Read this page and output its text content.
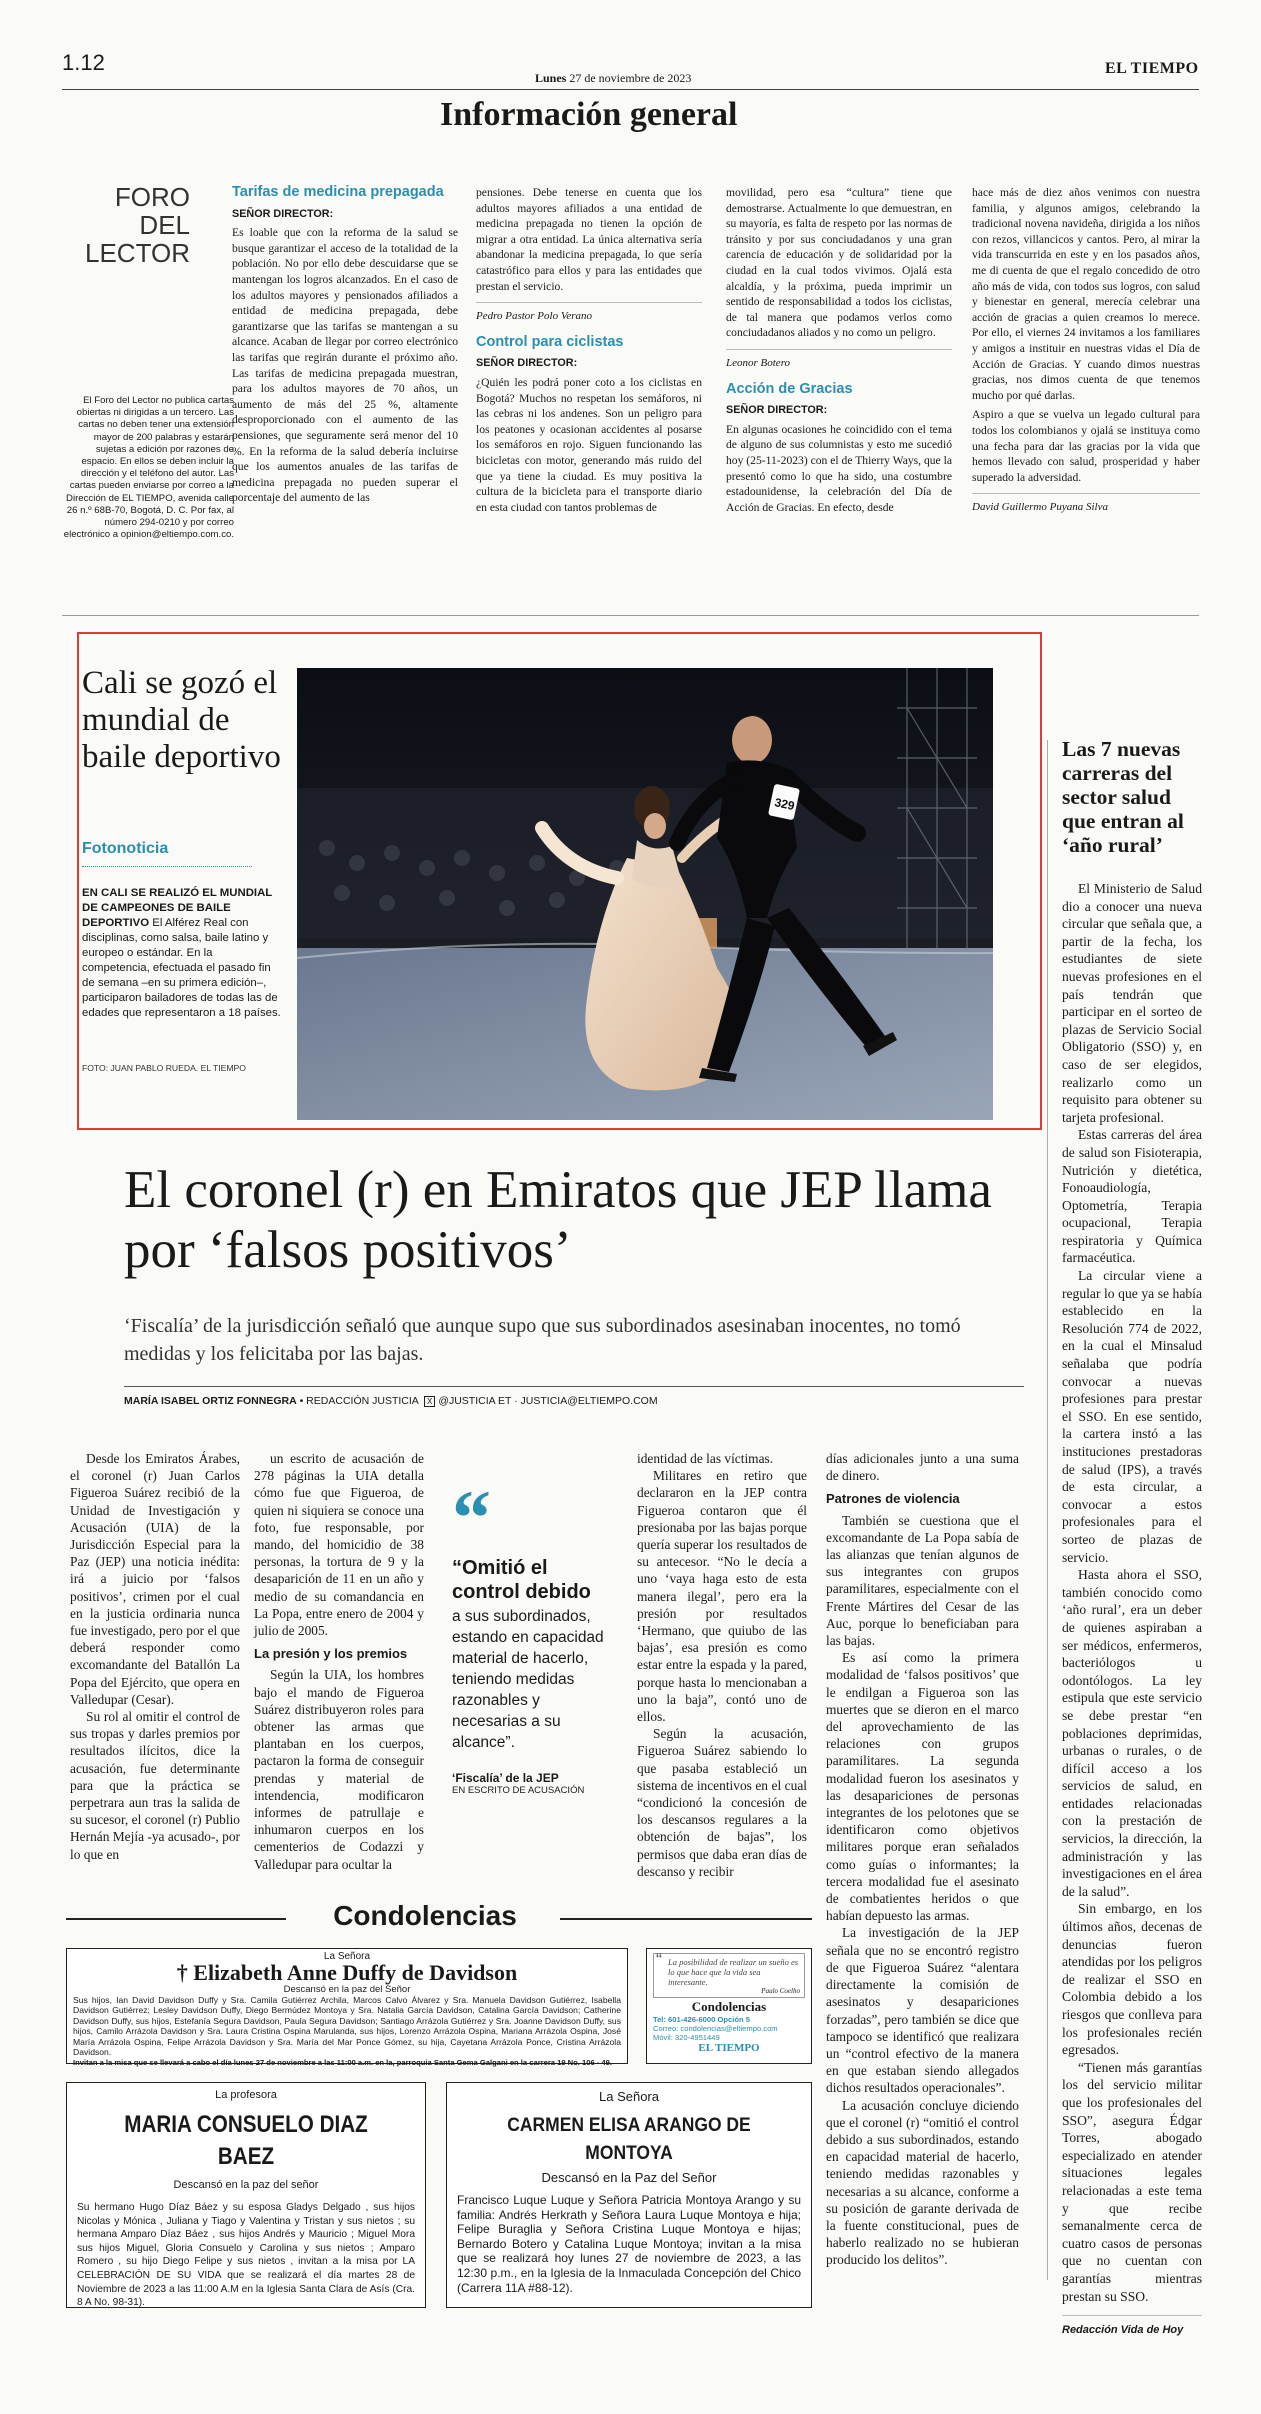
1.12
Lunes 27 de noviembre de 2023
EL TIEMPO
Información general
FORO DEL LECTOR
El Foro del Lector no publica cartas obiertas ni dirigidas a un tercero. Las cartas no deben tener una extensión mayor de 200 palabras y estarán sujetas a edición por razones de espacio. En ellos se deben incluir la dirección y el teléfono del autor. Las cartas pueden enviarse por correo a la Dirección de EL TIEMPO, avenida calle 26 n.º 68B-70, Bogotá, D. C. Por fax, al número 294-0210 y por correo electrónico a opinion@eltiempo.com.co.
Tarifas de medicina prepagada
SEÑOR DIRECTOR:

Es loable que con la reforma de la salud se busque garantizar el acceso de la totalidad de la población. No por ello debe descuidarse que se mantengan los logros alcanzados. En el caso de los adultos mayores y pensionados afiliados a entidad de medicina prepagada, debe garantizarse que las tarifas se mantengan a su alcance. Acaban de llegar por correo electrónico las tarifas que regirán durante el próximo año. Las tarifas de medicina prepagada muestran, para los adultos mayores de 70 años, un aumento de más del 25 %, altamente desproporcionado con el aumento de las pensiones, que seguramente será menor del 10 %. En la reforma de la salud debería incluirse que los aumentos anuales de las tarifas de medicina prepagada no pueden superar el porcentaje del aumento de las

pensiones. Debe tenerse en cuenta que los adultos mayores afiliados a una entidad de medicina prepagada no tienen la opción de migrar a otra entidad. La única alternativa sería abandonar la medicina prepagada, lo que sería catastrófico para ellos y para las entidades que prestan el servicio.

Pedro Pastor Polo Verano
Control para ciclistas
SEÑOR DIRECTOR:

¿Quién les podrá poner coto a los ciclistas en Bogotá? Muchos no respetan los semáforos, ni las cebras ni los andenes. Son un peligro para los peatones y ocasionan accidentes al posarse los semáforos en rojo. Siguen funcionando las bicicletas con motor, generando más ruido del que ya tiene la ciudad. Es muy positiva la cultura de la bicicleta para el transporte diario en esta ciudad con tantos problemas de

movilidad, pero esa “cultura” tiene que demostrarse. Actualmente lo que demuestran, en su mayoría, es falta de respeto por las normas de tránsito y por sus conciudadanos y una gran carencia de educación y de solidaridad por la ciudad en la cual todos vivimos. Ojalá esta alcaldía, y la próxima, pueda imprimir un sentido de responsabilidad a todos los ciclistas, de tal manera que podamos verlos como conciudadanos aliados y no como un peligro.

Leonor Botero
Acción de Gracias
SEÑOR DIRECTOR:

En algunas ocasiones he coincidido con el tema de alguno de sus columnistas y esto me sucedió hoy (25-11-2023) con el de Thierry Ways, que la presentó como lo que ha sido, una costumbre estadounidense, la celebración del Día de Acción de Gracias. En efecto, desde

hace más de diez años venimos con nuestra familia, y algunos amigos, celebrando la tradicional novena navideña, dirigida a los niños con rezos, villancicos y cantos. Pero, al mirar la vida transcurrida en este y en los pasados años, me di cuenta de que el regalo concedido de otro año más de vida, con todos sus logros, con salud y bienestar en general, merecía celebrar una acción de gracias a quien creamos lo merece. Por ello, el viernes 24 invitamos a los familiares y amigos a instituir en nuestras vidas el Día de Acción de Gracias. Y cuando dimos nuestras gracias, nos dimos cuenta de que tenemos mucho por qué darlas.

Aspiro a que se vuelva un legado cultural para todos los colombianos y ojalá se instituya como una fecha para dar las gracias por la vida que hemos llevado con salud, prosperidad y haber superado la adversidad.

David Guillermo Puyana Silva
Cali se gozó el mundial de baile deportivo
Fotonoticia
EN CALI SE REALIZÓ EL MUNDIAL DE CAMPEONES DE BAILE DEPORTIVO El Alférez Real con disciplinas, como salsa, baile latino y europeo o estándar. En la competencia, efectuada el pasado fin de semana –en su primera edición–, participaron bailadores de todas las de edades que representaron a 18 países.
FOTO: JUAN PABLO RUEDA. EL TIEMPO
329
Las 7 nuevas carreras del sector salud que entran al ‘año rural’

El Ministerio de Salud dio a conocer una nueva circular que señala que, a partir de la fecha, los estudiantes de siete nuevas profesiones en el país tendrán que participar en el sorteo de plazas de Servicio Social Obligatorio (SSO) y, en caso de ser elegidos, realizarlo como un requisito para obtener su tarjeta profesional.

Estas carreras del área de salud son Fisioterapia, Nutrición y dietética, Fonoaudiología, Optometría, Terapia ocupacional, Terapia respiratoria y Química farmacéutica.

La circular viene a regular lo que ya se había establecido en la Resolución 774 de 2022, en la cual el Minsalud señalaba que podría convocar a nuevas profesiones para prestar el SSO. En ese sentido, la cartera instó a las instituciones prestadoras de salud (IPS), a través de esta circular, a convocar a estos profesionales para el sorteo de plazas de servicio.

Hasta ahora el SSO, también conocido como ‘año rural’, era un deber de quienes aspiraban a ser médicos, enfermeros, bacteriólogos u odontólogos. La ley estipula que este servicio se debe prestar “en poblaciones deprimidas, urbanas o rurales, o de difícil acceso a los servicios de salud, en entidades relacionadas con la prestación de servicios, la dirección, la administración y las investigaciones en el área de la salud”.

Sin embargo, en los últimos años, decenas de denuncias fueron atendidas por los peligros de realizar el SSO en Colombia debido a los riesgos que conlleva para los profesionales recién egresados.

“Tienen más garantías los del servicio militar que los profesionales del SSO”, asegura Édgar Torres, abogado especializado en atender situaciones legales relacionadas a este tema y que recibe semanalmente cerca de cuatro casos de personas que no cuentan con garantías mientras prestan su SSO.

Redacción Vida de Hoy
El coronel (r) en Emiratos que JEP llama por ‘falsos positivos’
‘Fiscalía’ de la jurisdicción señaló que aunque supo que sus subordinados asesinaban inocentes, no tomó medidas y los felicitaba por las bajas.
MARÍA ISABEL ORTIZ FONNEGRA • REDACCIÓN JUSTICIA X @JUSTICIA ET · JUSTICIA@ELTIEMPO.COM

Desde los Emiratos Árabes, el coronel (r) Juan Carlos Figueroa Suárez recibió de la Unidad de Investigación y Acusación (UIA) de la Jurisdicción Especial para la Paz (JEP) una noticia inédita: irá a juicio por ‘falsos positivos’, crimen por el cual en la justicia ordinaria nunca fue investigado, pero por el que deberá responder como excomandante del Batallón La Popa del Ejército, que opera en Valledupar (Cesar).

Su rol al omitir el control de sus tropas y darles premios por resultados ilícitos, dice la acusación, fue determinante para que la práctica se perpetrara aun tras la salida de su sucesor, el coronel (r) Publio Hernán Mejía -ya acusado-, por lo que en

un escrito de acusación de 278 páginas la UIA detalla cómo fue que Figueroa, de quien ni siquiera se conoce una foto, fue responsable, por mando, del homicidio de 38 personas, la tortura de 9 y la desaparición de 11 en un año y medio de su comandancia en La Popa, entre enero de 2004 y julio de 2005.

La presión y los premios

Según la UIA, los hombres bajo el mando de Figueroa Suárez distribuyeron roles para obtener las armas que plantaban en los cuerpos, pactaron la forma de conseguir prendas y material de intendencia, modificaron informes de patrullaje e inhumaron cuerpos en los cementerios de Codazzi y Valledupar para ocultar la

“
“Omitió el control debido
a sus subordinados, estando en capacidad material de hacerlo, teniendo medidas razonables y necesarias a su alcance”.
‘Fiscalía’ de la JEP
EN ESCRITO DE ACUSACIÓN

identidad de las víctimas.

Militares en retiro que declararon en la JEP contra Figueroa contaron que él presionaba por las bajas porque quería superar los resultados de su antecesor. “No le decía a uno ‘vaya haga esto de esta manera ilegal’, pero era la presión por resultados ‘Hermano, que quiubo de las bajas’, esa presión es como estar entre la espada y la pared, porque hasta lo mencionaban a uno la baja”, contó uno de ellos.

Según la acusación, Figueroa Suárez sabiendo lo que pasaba estableció un sistema de incentivos en el cual “condicionó la concesión de los descansos regulares a la obtención de bajas”, los permisos que daba eran días de descanso y recibir

días adicionales junto a una suma de dinero.

Patrones de violencia

También se cuestiona que el excomandante de La Popa sabía de las alianzas que tenían algunos de sus integrantes con grupos paramilitares, especialmente con el Frente Mártires del Cesar de las Auc, porque lo beneficiaban para las bajas.

Es así como la primera modalidad de ‘falsos positivos’ que le endilgan a Figueroa son las muertes que se dieron en el marco del aprovechamiento de las relaciones con grupos paramilitares. La segunda modalidad fueron los asesinatos y las desapariciones de personas integrantes de los pelotones que se identificaron como objetivos militares porque eran señalados como guías o informantes; la tercera modalidad fue el asesinato de combatientes heridos o que habían depuesto las armas.

La investigación de la JEP señala que no se encontró registro de que Figueroa Suárez “alentara directamente la comisión de asesinatos y desapariciones forzadas”, pero también se dice que tampoco se identificó que realizara un “control efectivo de la manera en que estaban siendo allegados dichos resultados operacionales”.

La acusación concluye diciendo que el coronel (r) “omitió el control debido a sus subordinados, estando en capacidad material de hacerlo, teniendo medidas razonables y necesarias a su alcance, conforme a su posición de garante derivada de la fuente constitucional, pues de haberlo realizado no se hubieran producido los delitos”.

Condolencias
La Señora
† Elizabeth Anne Duffy de Davidson
Descansó en la paz del Señor
Sus hijos, Ian David Davidson Duffy y Sra. Camila Gutiérrez Archila, Marcos Calvo Álvarez y Sra. Manuela Davidson Gutiérrez, Isabella Davidson Gutiérrez; Lesley Davidson Duffy, Diego Bermúdez Montoya y Sra. Natalia García Davidson, Catalina García Davidson; Catherine Davidson Duffy, sus hijos, Estefanía Segura Davidson, Paula Segura Davidson; Santiago Arrázola Gutiérrez y Sra. Joanne Davidson Duffy, sus hijos, Camilo Arrázola Davidson y Sra. Laura Cristina Ospina Marulanda, sus hijos, Lorenzo Arrázola Ospina, Mariana Arrázola Ospina, José María Arrázola Ospina, Felipe Arrázola Davidson y Sra. María del Mar Ponce Gómez, su hija, Cayetana Arrázola Ponce, Cristina Arrázola Davidson.
Invitan a la misa que se llevará a cabo el día lunes 27 de noviembre a las 11:00 a.m. en la, parroquia Santa Gema Galgani en la carrera 19 No. 106 - 49.
“ La posibilidad de realizar un sueño es lo que hace que la vida sea interesante.
Paulo Coelho
Condolencias
Tel: 601-426-6000 Opción 5
Correo: condolencias@eltiempo.com
Móvil: 320-4951449
EL TIEMPO
La profesora
MARIA CONSUELO DIAZ BAEZ
Descansó en la paz del señor
Su hermano Hugo Díaz Báez y su esposa Gladys Delgado , sus hijos Nicolas y Mónica , Juliana y Tiago y Valentina y Tristan y sus nietos ; su hermana Amparo Díaz Báez , sus hijos Andrés y Mauricio ; Miguel Mora sus hijos Miguel, Gloria Consuelo y Carolina y sus nietos ; Amparo Romero , su hijo Diego Felipe y sus nietos , invitan a la misa por LA CELEBRACIÓN DE SU VIDA que se realizará el día martes 28 de Noviembre de 2023 a las 11:00 A.M en la Iglesia Santa Clara de Asís (Cra. 8 A No. 98-31).
La Señora
CARMEN ELISA ARANGO DE MONTOYA
Descansó en la Paz del Señor
Francisco Luque Luque y Señora Patricia Montoya Arango y su familia: Andrés Herkrath y Señora Laura Luque Montoya e hija; Felipe Buraglia y Señora Cristina Luque Montoya e hijas; Bernardo Botero y Catalina Luque Montoya; invitan a la misa que se realizará hoy lunes 27 de noviembre de 2023, a las 12:30 p.m., en la Iglesia de la Inmaculada Concepción del Chico (Carrera 11A #88-12).
